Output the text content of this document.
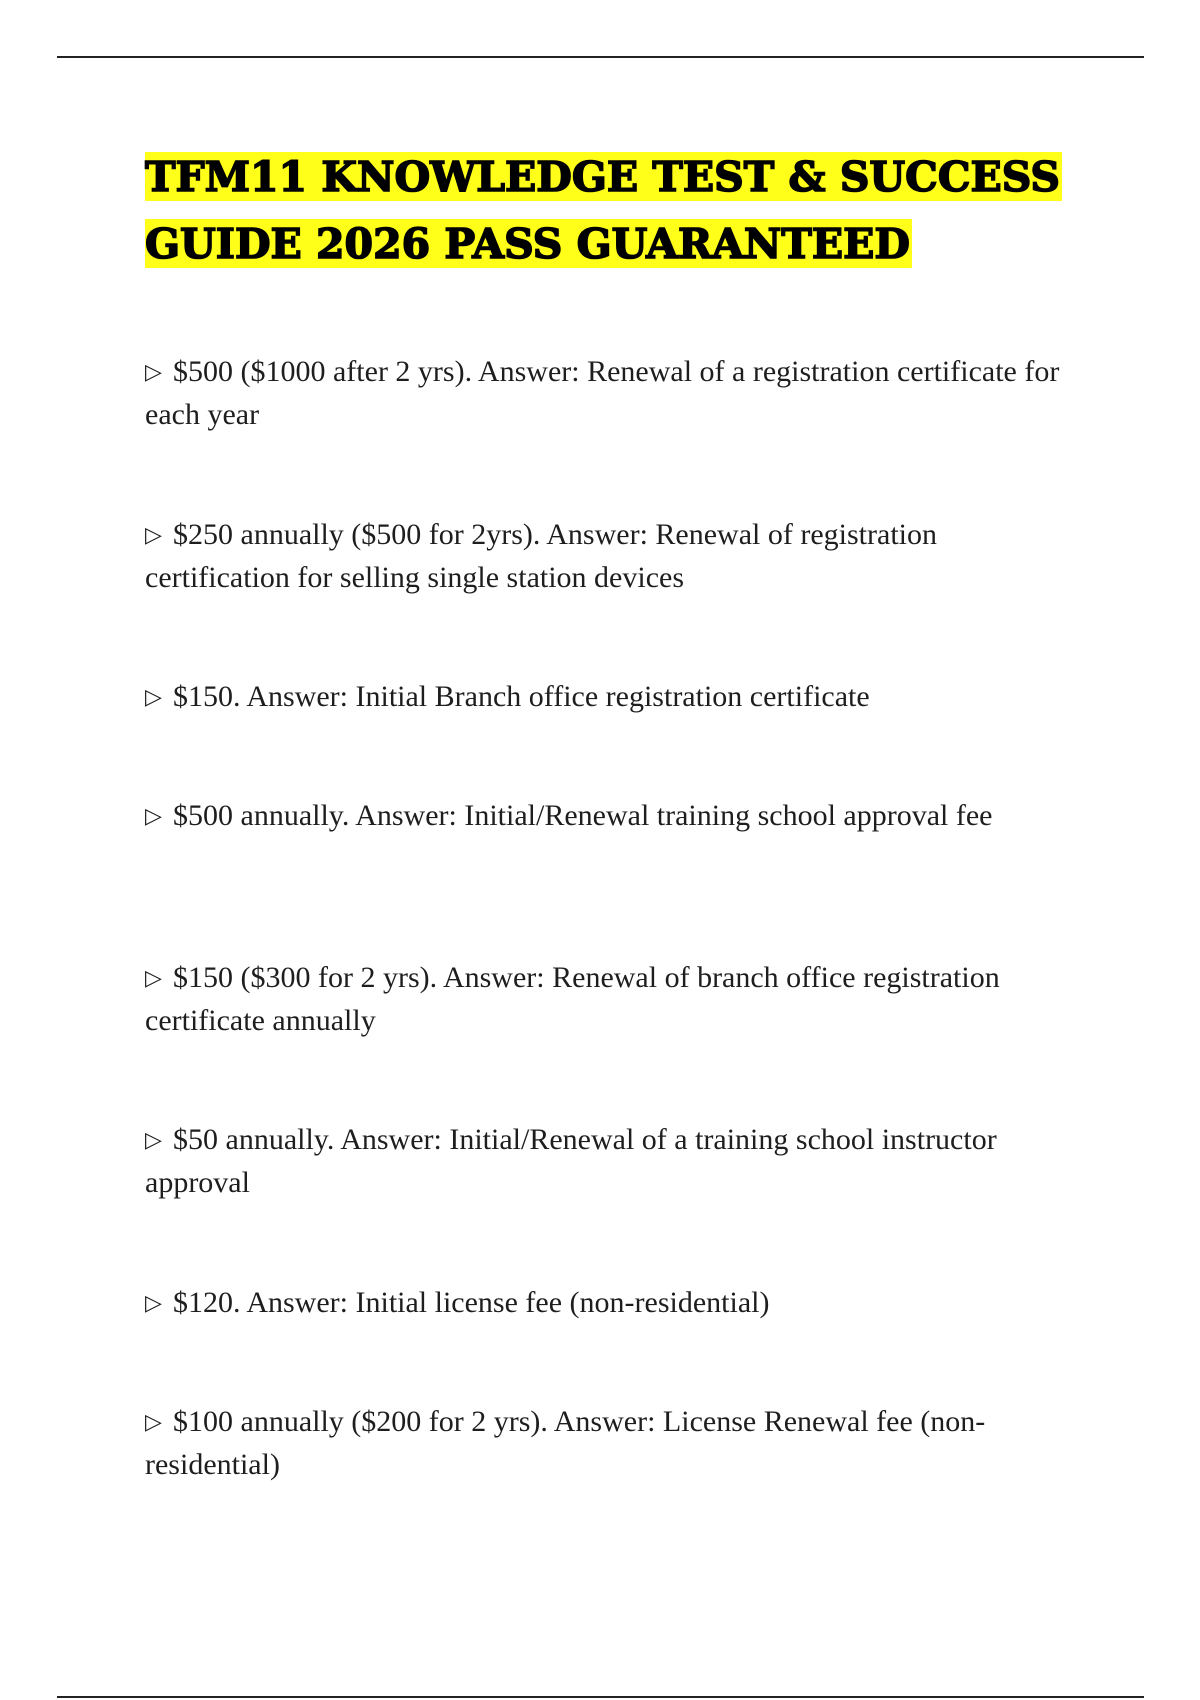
TFM11 KNOWLEDGE TEST & SUCCESS GUIDE 2026 PASS GUARANTEED

▷ $500 ($1000 after 2 yrs). Answer: Renewal of a registration certificate for each year

▷ $250 annually ($500 for 2yrs). Answer: Renewal of registration certification for selling single station devices

▷ $150. Answer: Initial Branch office registration certificate

▷ $500 annually. Answer: Initial/Renewal training school approval fee

▷ $150 ($300 for 2 yrs). Answer: Renewal of branch office registration certificate annually

▷ $50 annually. Answer: Initial/Renewal of a training school instructor approval

▷ $120. Answer: Initial license fee (non-residential)

▷ $100 annually ($200 for 2 yrs). Answer: License Renewal fee (non-residential)
